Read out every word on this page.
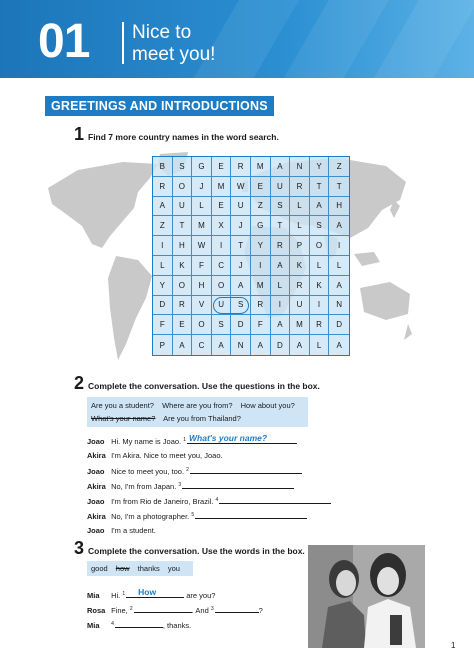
01 Nice to
meet you!
GREETINGS AND INTRODUCTIONS
1 Find 7 more country names in the word search.
B	S	G	E	R	M	A	N	Y	Z
R	O	J	M	W	E	U	R	T	T
A	U	L	E	U	Z	S	L	A	H
Z	T	M	X	J	G	T	L	S	A
I	H	W	I	T	Y	R	P	O	I
L	K	F	C	J	I	A	K	L	L
Y	O	H	O	A	M	L	R	K	A
D	R	V	U	S	R	I	U	I	N
F	E	O	S	D	F	A	M	R	D
P	A	C	A	N	A	D	A	L	A
2 Complete the conversation. Use the questions in the box.
Are you a student? Where are you from? How about you?
What's your name? Are you from Thailand?
Joao Hi. My name is Joao. $^1$ What's your name?
Akira I'm Akira. Nice to meet you, Joao.
Joao Nice to meet you, too. $^2$
Akira No, I'm from Japan. $^3$
Joao I'm from Rio de Janeiro, Brazil. $^4$
Akira No, I'm a photographer. $^5$
Joao I'm a student.
3 Complete the conversation. Use the words in the box.
good how thanks you
Mia Hi. $^1$ How	are you?
Rosa Fine, $^2$	. And $^3$	?
Mia $^4$	, thanks.
1
